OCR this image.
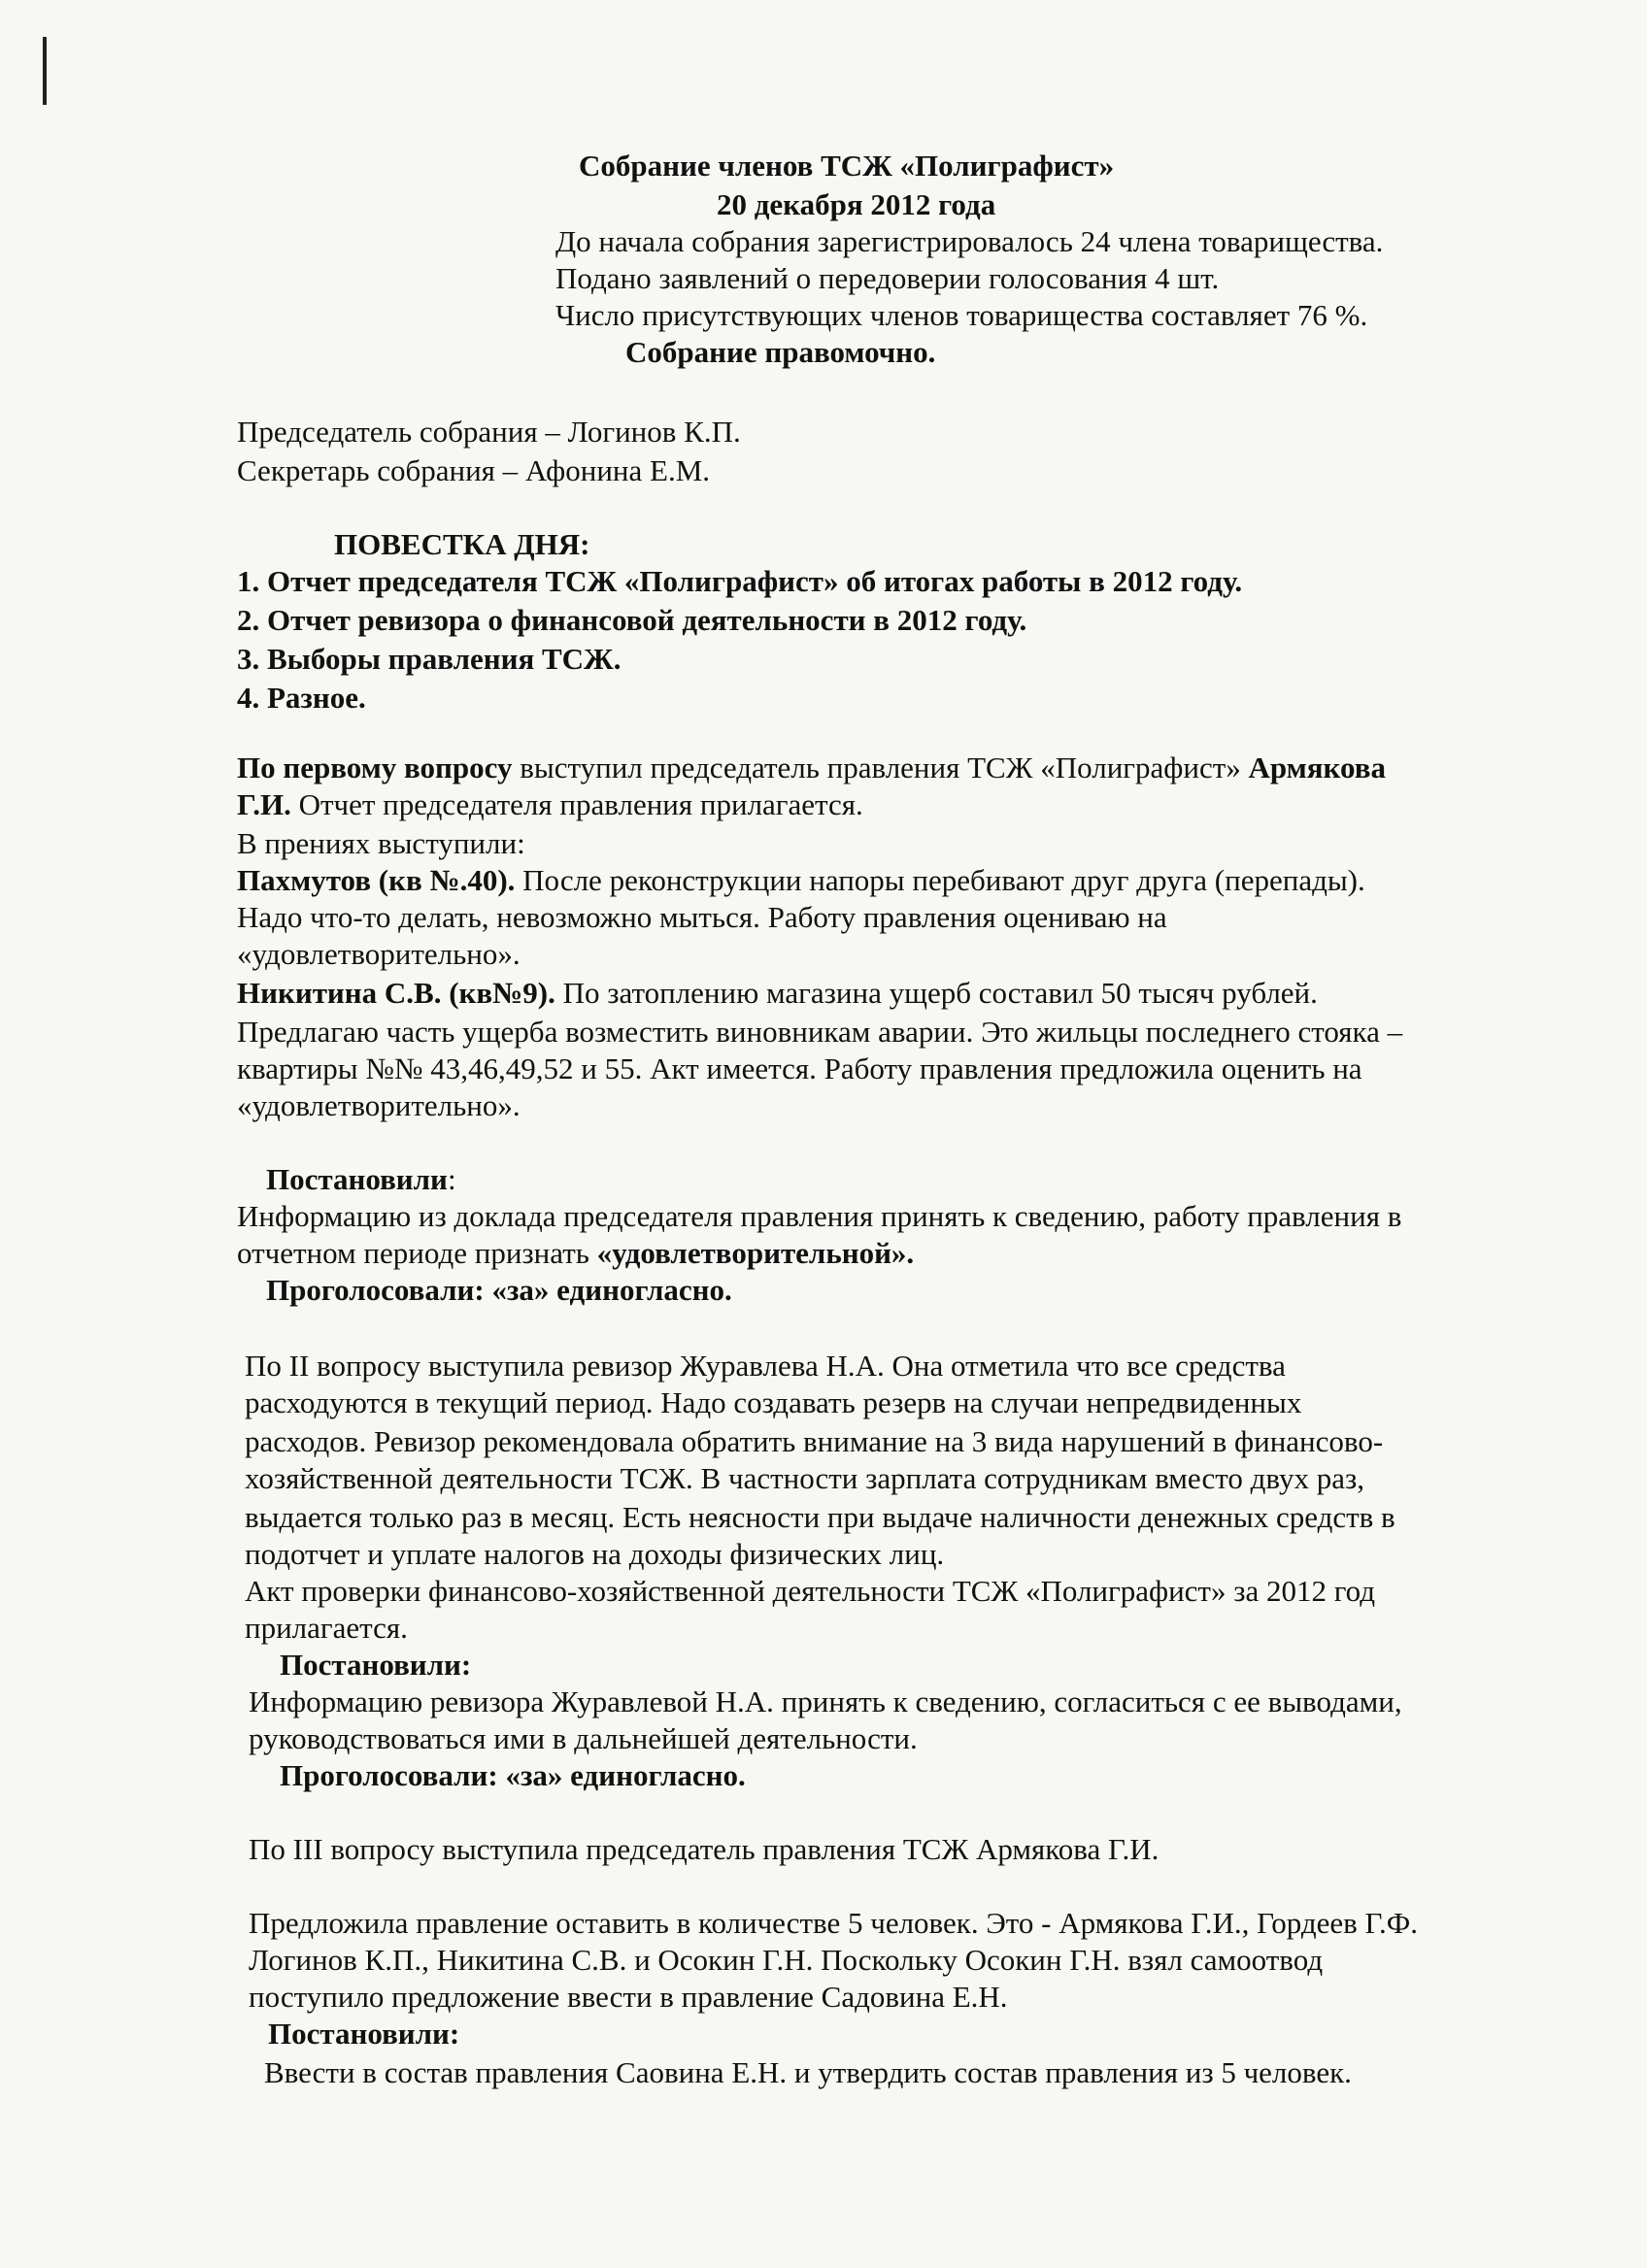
Собрание членов ТСЖ «Полиграфист»
20 декабря 2012 года
До начала собрания зарегистрировалось 24 члена товарищества.
Подано заявлений о передоверии голосования 4 шт.
Число присутствующих членов товарищества составляет 76 %.
Собрание правомочно.
Председатель собрания – Логинов К.П.
Секретарь собрания – Афонина Е.М.
ПОВЕСТКА ДНЯ:
1. Отчет председателя ТСЖ «Полиграфист» об итогах работы в 2012 году.
2. Отчет ревизора о финансовой деятельности в 2012 году.
3. Выборы правления ТСЖ.
4. Разное.
По первому вопросу выступил председатель правления ТСЖ «Полиграфист» Армякова
Г.И. Отчет председателя правления прилагается.
В прениях выступили:
Пахмутов (кв №.40). После реконструкции напоры перебивают друг друга (перепады).
Надо что-то делать, невозможно мыться. Работу правления оцениваю на
«удовлетворительно».
Никитина С.В. (кв№9). По затоплению магазина ущерб составил 50 тысяч рублей.
Предлагаю часть ущерба возместить виновникам аварии. Это жильцы последнего стояка –
квартиры №№ 43,46,49,52 и 55. Акт имеется. Работу правления предложила оценить на
«удовлетворительно».
Постановили:
Информацию из доклада председателя правления принять к сведению, работу правления в
отчетном периоде признать «удовлетворительной».
Проголосовали: «за» единогласно.
По II вопросу выступила ревизор Журавлева Н.А. Она отметила что все средства
расходуются в текущий период. Надо создавать резерв на случаи непредвиденных
расходов. Ревизор рекомендовала обратить внимание на 3 вида нарушений в финансово-
хозяйственной деятельности ТСЖ. В частности зарплата сотрудникам вместо двух раз,
выдается только раз в месяц. Есть неясности при выдаче наличности денежных средств в
подотчет и уплате налогов на доходы физических лиц.
Акт проверки финансово-хозяйственной деятельности ТСЖ «Полиграфист» за 2012 год
прилагается.
Постановили:
Информацию ревизора Журавлевой Н.А. принять к сведению, согласиться с ее выводами,
руководствоваться ими в дальнейшей деятельности.
Проголосовали: «за» единогласно.
По III вопросу выступила председатель правления ТСЖ Армякова Г.И.
Предложила правление оставить в количестве 5 человек. Это - Армякова Г.И., Гордеев Г.Ф.
Логинов К.П., Никитина С.В. и Осокин Г.Н. Поскольку Осокин Г.Н. взял самоотвод
поступило предложение ввести в правление Садовина Е.Н.
Постановили:
Ввести в состав правления Саовина Е.Н. и утвердить состав правления из 5 человек.
